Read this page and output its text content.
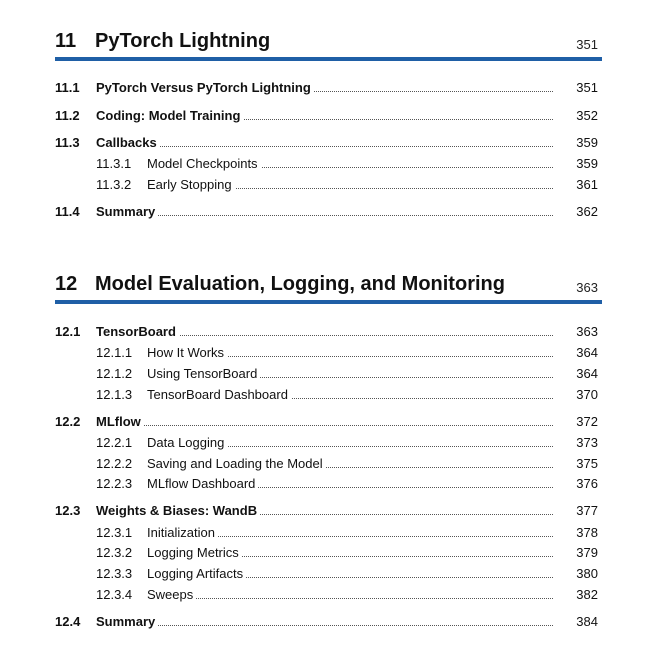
11 PyTorch Lightning	351
11.1 PyTorch Versus PyTorch Lightning	351
11.2 Coding: Model Training	352
11.3 Callbacks	359
11.3.1 Model Checkpoints	359
11.3.2 Early Stopping	361
11.4 Summary	362
12 Model Evaluation, Logging, and Monitoring	363
12.1 TensorBoard	363
12.1.1 How It Works	364
12.1.2 Using TensorBoard	364
12.1.3 TensorBoard Dashboard	370
12.2 MLflow	372
12.2.1 Data Logging	373
12.2.2 Saving and Loading the Model	375
12.2.3 MLflow Dashboard	376
12.3 Weights & Biases: WandB	377
12.3.1 Initialization	378
12.3.2 Logging Metrics	379
12.3.3 Logging Artifacts	380
12.3.4 Sweeps	382
12.4 Summary	384
